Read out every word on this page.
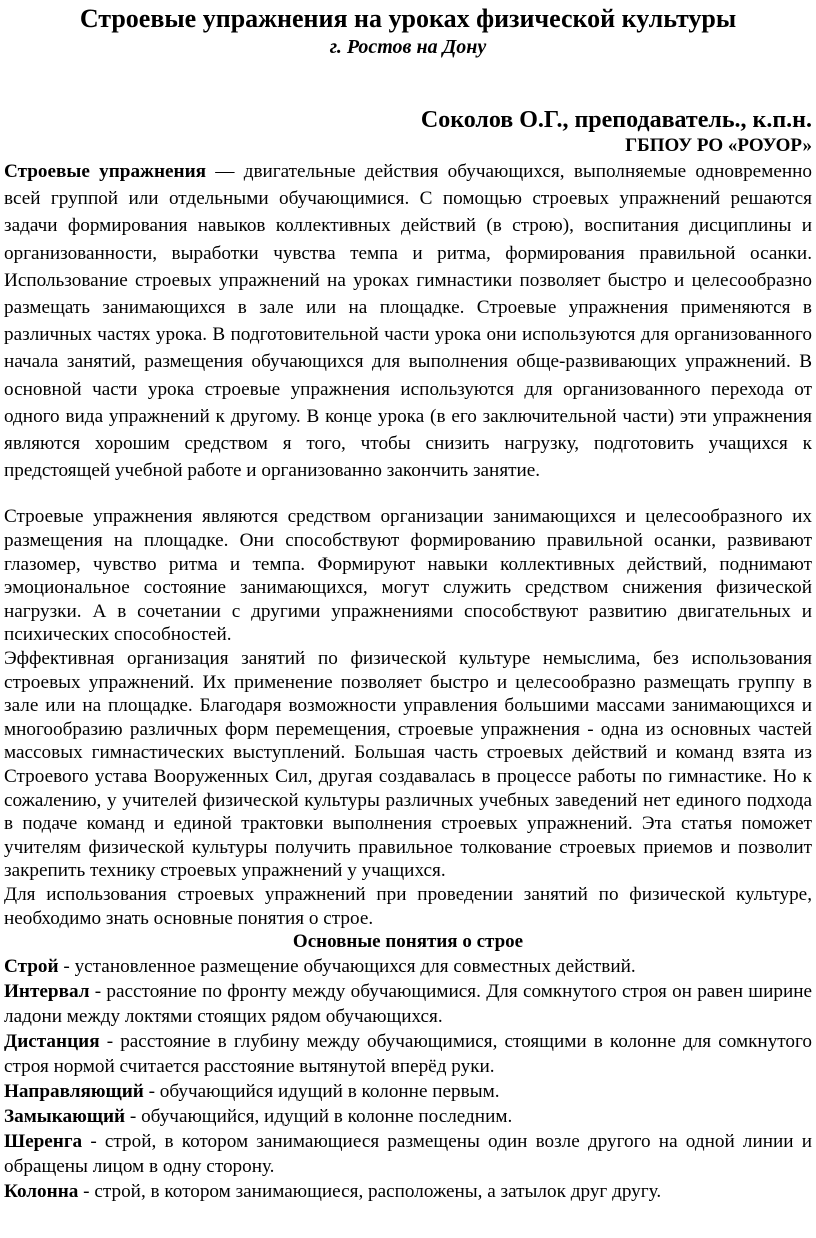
Строевые упражнения на уроках физической культуры
г. Ростов на Дону
Соколов О.Г., преподаватель., к.п.н.
ГБПОУ РО «РОУОР»

Строевые упражнения — двигательные действия обучающихся, выполняемые одновременно всей группой или отдельными обучающимися. С помощью строевых упражнений решаются задачи формирования навыков коллективных действий (в строю), воспитания дисциплины и организованности, выработки чувства темпа и ритма, формирования правильной осанки. Использование строевых упражнений на уроках гимнастики позволяет быстро и целесообразно размещать занимающихся в зале или на площадке. Строевые упражнения применяются в различных частях урока. В подготовительной части урока они используются для организованного начала занятий, размещения обучающихся для выполнения обще-развивающих упражнений. В основной части урока строевые упражнения используются для организованного перехода от одного вида упражнений к другому. В конце урока (в его заключительной части) эти упражнения являются хорошим средством я того, чтобы снизить нагрузку, подготовить учащихся к предстоящей учебной работе и организованно закончить занятие.

Строевые упражнения являются средством организации занимающихся и целесообразного их размещения на площадке. Они способствуют формированию правильной осанки, развивают глазомер, чувство ритма и темпа. Формируют навыки коллективных действий, поднимают эмоциональное состояние занимающихся, могут служить средством снижения физической нагрузки. А в сочетании с другими упражнениями способствуют развитию двигательных и психических способностей.

Эффективная организация занятий по физической культуре немыслима, без использования строевых упражнений. Их применение позволяет быстро и целесообразно размещать группу в зале или на площадке. Благодаря возможности управления большими массами занимающихся и многообразию различных форм перемещения, строевые упражнения - одна из основных частей массовых гимнастических выступлений. Большая часть строевых действий и команд взята из Строевого устава Вооруженных Сил, другая создавалась в процессе работы по гимнастике. Но к сожалению, у учителей физической культуры различных учебных заведений нет единого подхода в подаче команд и единой трактовки выполнения строевых упражнений. Эта статья поможет учителям физической культуры получить правильное толкование строевых приемов и позволит закрепить технику строевых упражнений у учащихся.

Для использования строевых упражнений при проведении занятий по физической культуре, необходимо знать основные понятия о строе.

Основные понятия о строе

Строй - установленное размещение обучающихся для совместных действий.

Интервал - расстояние по фронту между обучающимися. Для сомкнутого строя он равен ширине ладони между локтями стоящих рядом обучающихся.

Дистанция - расстояние в глубину между обучающимися, стоящими в колонне для сомкнутого строя нормой считается расстояние вытянутой вперёд руки.

Направляющий - обучающийся идущий в колонне первым.

Замыкающий - обучающийся, идущий в колонне последним.

Шеренга - строй, в котором занимающиеся размещены один возле другого на одной линии и обращены лицом в одну сторону.

Колонна - строй, в котором занимающиеся, расположены, а затылок друг другу.
